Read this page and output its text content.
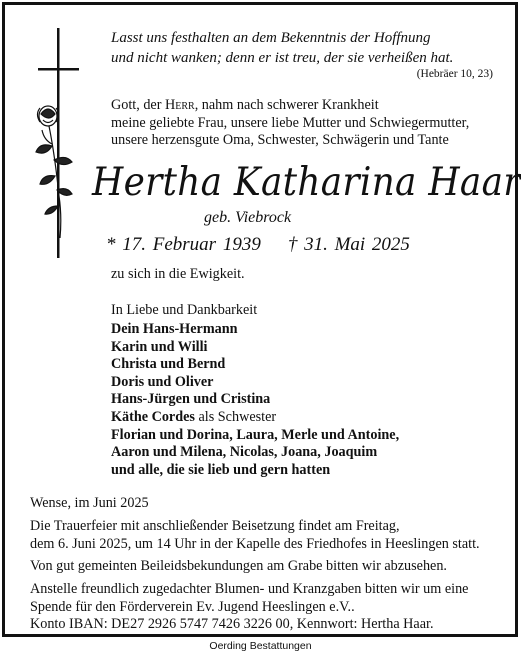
Lasst uns festhalten an dem Bekenntnis der Hoffnung
und nicht wanken; denn er ist treu, der sie verheißen hat.
(Hebräer 10, 23)
Gott, der Herr, nahm nach schwerer Krankheit
meine geliebte Frau, unsere liebe Mutter und Schwiegermutter,
unsere herzensgute Oma, Schwester, Schwägerin und Tante
Hertha Katharina Haar
geb. Viebrock
* 17. Februar 1939 † 31. Mai 2025
zu sich in die Ewigkeit.
In Liebe und Dankbarkeit
Dein Hans-Hermann
Karin und Willi
Christa und Bernd
Doris und Oliver
Hans-Jürgen und Cristina
Käthe Cordes als Schwester
Florian und Dorina, Laura, Merle und Antoine,
Aaron und Milena, Nicolas, Joana, Joaquim
und alle, die sie lieb und gern hatten
Wense, im Juni 2025
Die Trauerfeier mit anschließender Beisetzung findet am Freitag,
dem 6. Juni 2025, um 14 Uhr in der Kapelle des Friedhofes in Heeslingen statt.
Von gut gemeinten Beileidsbekundungen am Grabe bitten wir abzusehen.
Anstelle freundlich zugedachter Blumen- und Kranzgaben bitten wir um eine
Spende für den Förderverein Ev. Jugend Heeslingen e.V..
Konto IBAN: DE27 2926 5747 7426 3226 00, Kennwort: Hertha Haar.
Oerding Bestattungen
